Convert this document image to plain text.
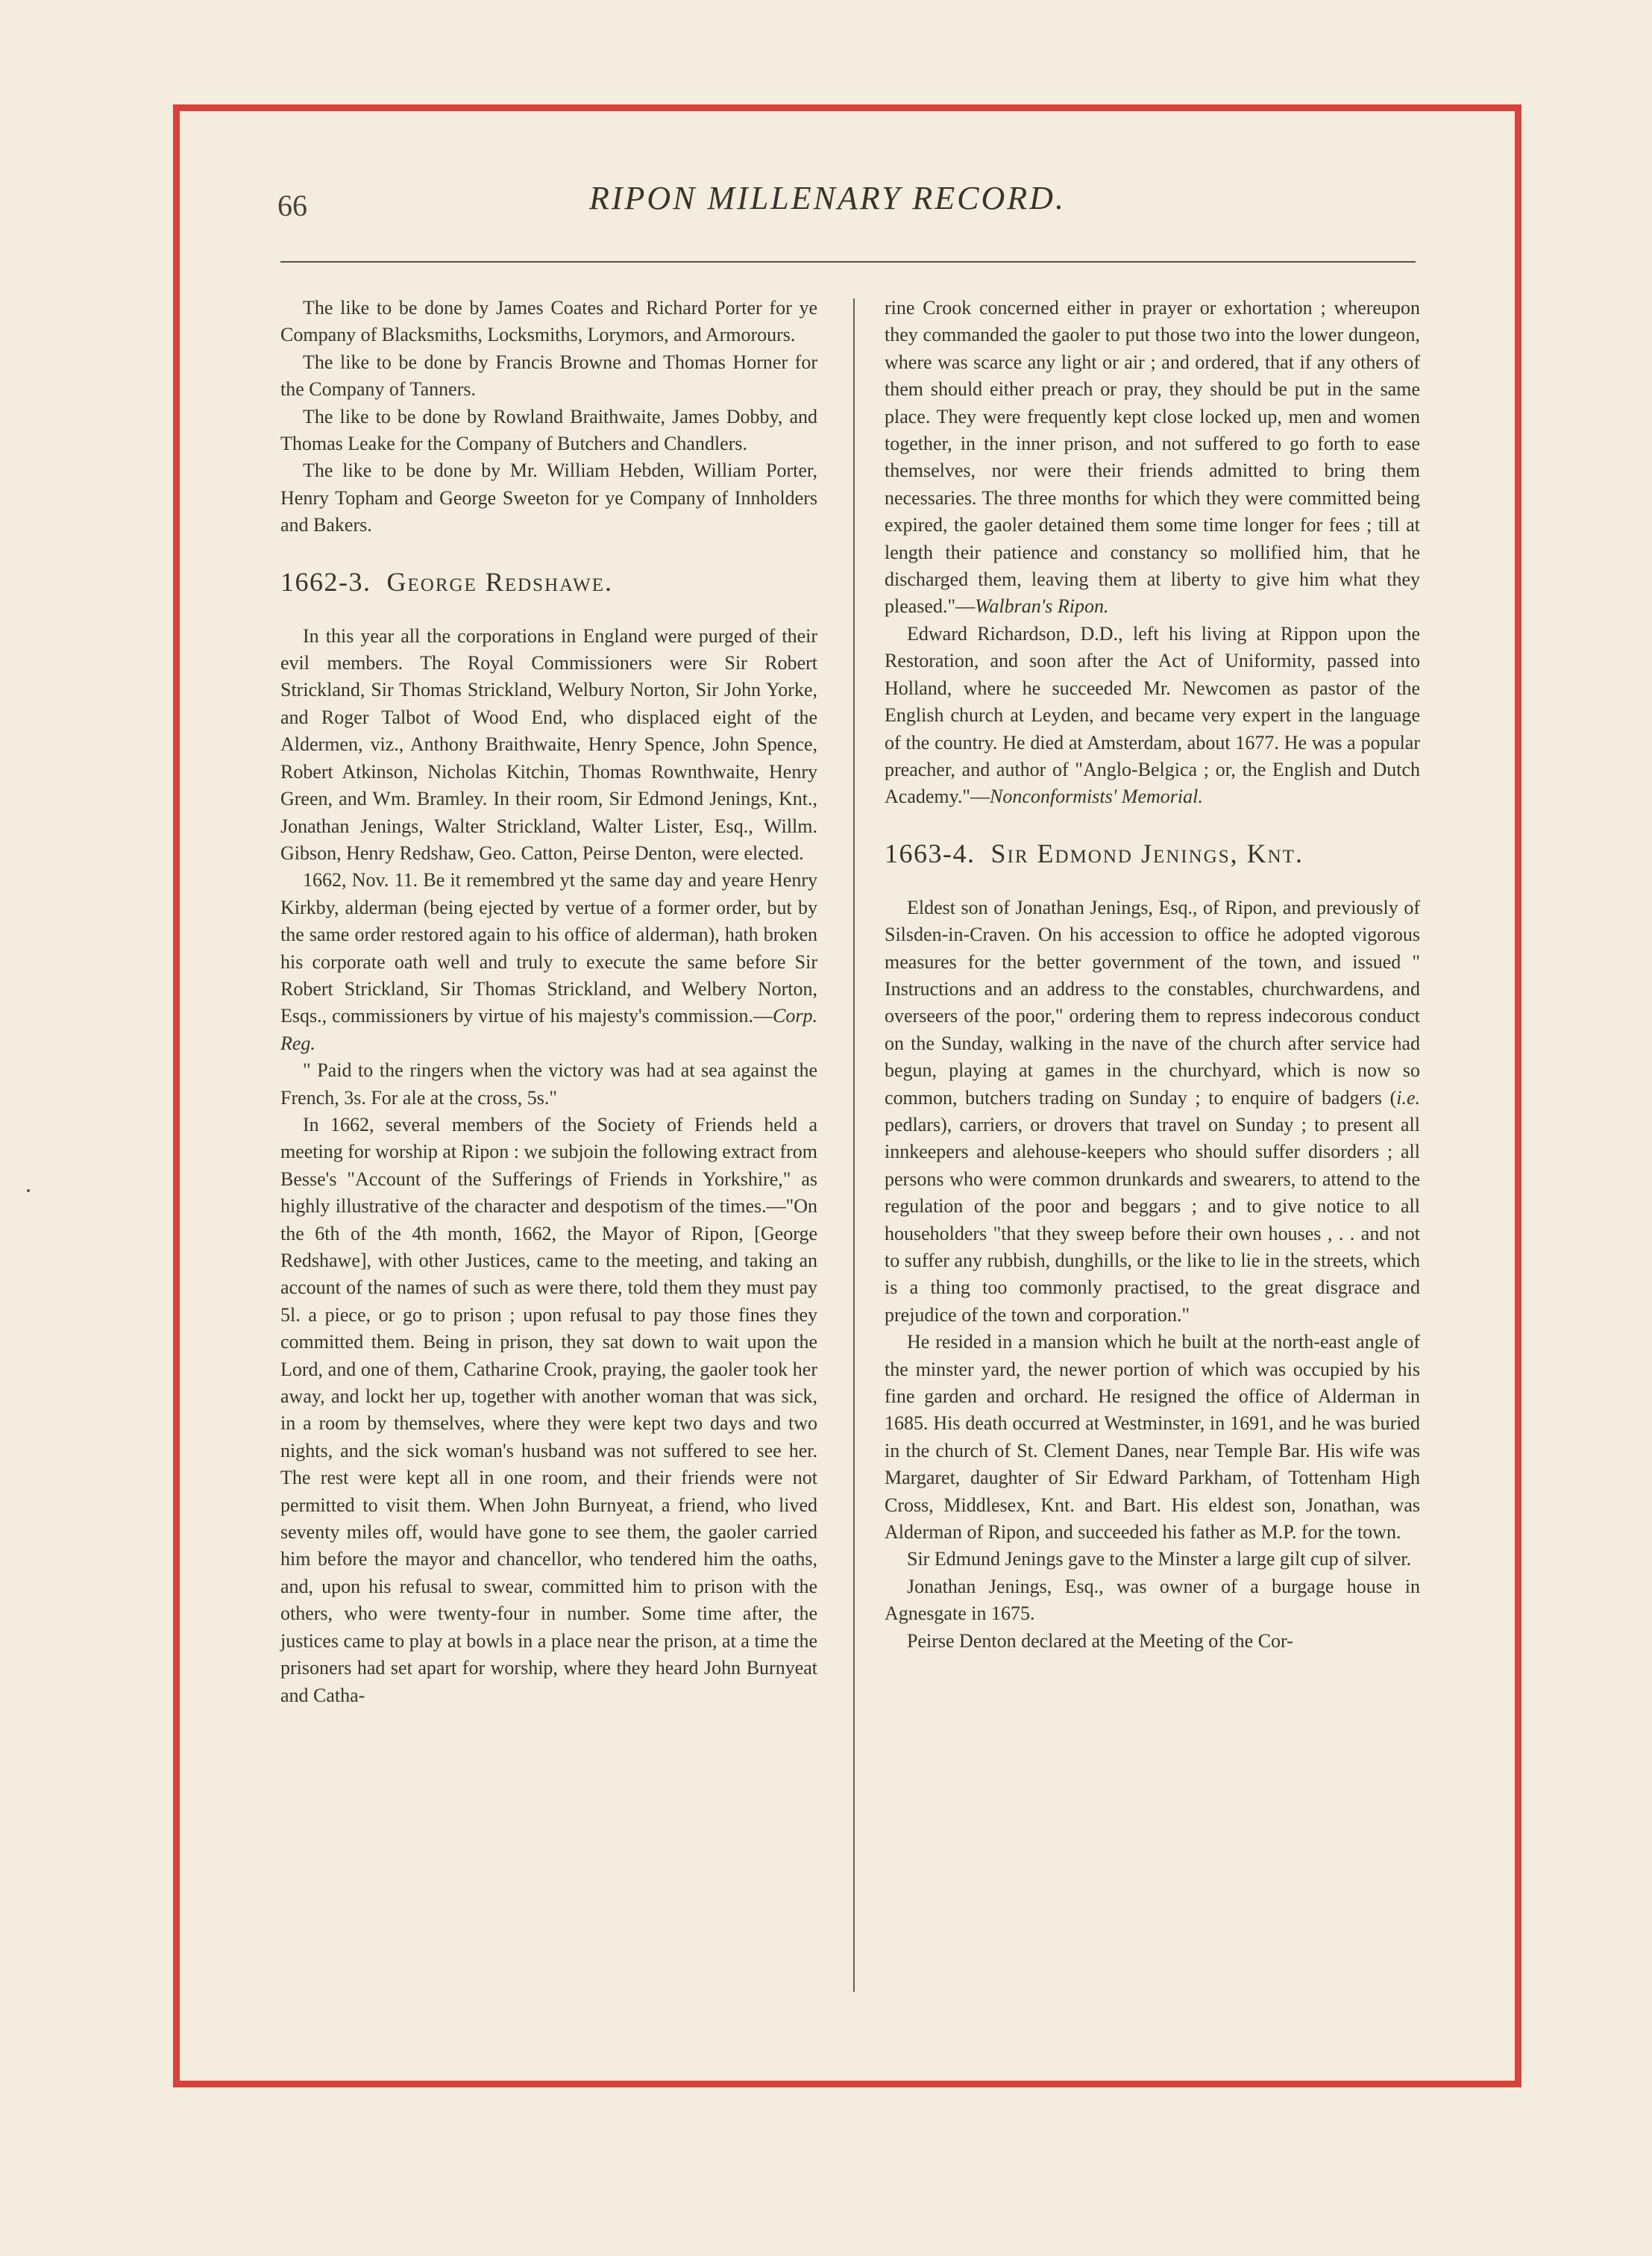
66	RIPON MILLENARY RECORD.

The like to be done by James Coates and Richard Porter for ye Company of Blacksmiths, Locksmiths, Lorymors, and Armorours.

The like to be done by Francis Browne and Thomas Horner for the Company of Tanners.

The like to be done by Rowland Braithwaite, James Dobby, and Thomas Leake for the Company of Butchers and Chandlers.

The like to be done by Mr. William Hebden, William Porter, Henry Topham and George Sweeton for ye Company of Innholders and Bakers.

1662-3. George Redshawe.

In this year all the corporations in England were purged of their evil members. The Royal Commissioners were Sir Robert Strickland, Sir Thomas Strickland, Welbury Norton, Sir John Yorke, and Roger Talbot of Wood End, who displaced eight of the Aldermen, viz., Anthony Braithwaite, Henry Spence, John Spence, Robert Atkinson, Nicholas Kitchin, Thomas Rownthwaite, Henry Green, and Wm. Bramley. In their room, Sir Edmond Jenings, Knt., Jonathan Jenings, Walter Strickland, Walter Lister, Esq., Willm. Gibson, Henry Redshaw, Geo. Catton, Peirse Denton, were elected.

1662, Nov. 11. Be it remembred yt the same day and yeare Henry Kirkby, alderman (being ejected by vertue of a former order, but by the same order restored again to his office of alderman), hath broken his corporate oath well and truly to execute the same before Sir Robert Strickland, Sir Thomas Strickland, and Welbery Norton, Esqs., commissioners by virtue of his majesty's commission.—Corp. Reg.

" Paid to the ringers when the victory was had at sea against the French, 3s. For ale at the cross, 5s."

In 1662, several members of the Society of Friends held a meeting for worship at Ripon : we subjoin the following extract from Besse's "Account of the Sufferings of Friends in Yorkshire," as highly illustrative of the character and despotism of the times.—"On the 6th of the 4th month, 1662, the Mayor of Ripon, [George Redshawe], with other Justices, came to the meeting, and taking an account of the names of such as were there, told them they must pay 5l. a piece, or go to prison ; upon refusal to pay those fines they committed them. Being in prison, they sat down to wait upon the Lord, and one of them, Catharine Crook, praying, the gaoler took her away, and lockt her up, together with another woman that was sick, in a room by themselves, where they were kept two days and two nights, and the sick woman's husband was not suffered to see her. The rest were kept all in one room, and their friends were not permitted to visit them. When John Burnyeat, a friend, who lived seventy miles off, would have gone to see them, the gaoler carried him before the mayor and chancellor, who tendered him the oaths, and, upon his refusal to swear, committed him to prison with the others, who were twenty-four in number. Some time after, the justices came to play at bowls in a place near the prison, at a time the prisoners had set apart for worship, where they heard John Burnyeat and Catha-

rine Crook concerned either in prayer or exhortation ; whereupon they commanded the gaoler to put those two into the lower dungeon, where was scarce any light or air ; and ordered, that if any others of them should either preach or pray, they should be put in the same place. They were frequently kept close locked up, men and women together, in the inner prison, and not suffered to go forth to ease themselves, nor were their friends admitted to bring them necessaries. The three months for which they were committed being expired, the gaoler detained them some time longer for fees ; till at length their patience and constancy so mollified him, that he discharged them, leaving them at liberty to give him what they pleased."—Walbran's Ripon.

Edward Richardson, D.D., left his living at Rippon upon the Restoration, and soon after the Act of Uniformity, passed into Holland, where he succeeded Mr. Newcomen as pastor of the English church at Leyden, and became very expert in the language of the country. He died at Amsterdam, about 1677. He was a popular preacher, and author of "Anglo-Belgica ; or, the English and Dutch Academy."—Nonconformists' Memorial.

1663-4. Sir Edmond Jenings, Knt.

Eldest son of Jonathan Jenings, Esq., of Ripon, and previously of Silsden-in-Craven. On his accession to office he adopted vigorous measures for the better government of the town, and issued " Instructions and an address to the constables, churchwardens, and overseers of the poor," ordering them to repress indecorous conduct on the Sunday, walking in the nave of the church after service had begun, playing at games in the churchyard, which is now so common, butchers trading on Sunday ; to enquire of badgers (i.e. pedlars), carriers, or drovers that travel on Sunday ; to present all innkeepers and alehouse-keepers who should suffer disorders ; all persons who were common drunkards and swearers, to attend to the regulation of the poor and beggars ; and to give notice to all householders "that they sweep before their own houses , . . and not to suffer any rubbish, dunghills, or the like to lie in the streets, which is a thing too commonly practised, to the great disgrace and prejudice of the town and corporation."

He resided in a mansion which he built at the north-east angle of the minster yard, the newer portion of which was occupied by his fine garden and orchard. He resigned the office of Alderman in 1685. His death occurred at Westminster, in 1691, and he was buried in the church of St. Clement Danes, near Temple Bar. His wife was Margaret, daughter of Sir Edward Parkham, of Tottenham High Cross, Middlesex, Knt. and Bart. His eldest son, Jonathan, was Alderman of Ripon, and succeeded his father as M.P. for the town.

Sir Edmund Jenings gave to the Minster a large gilt cup of silver.

Jonathan Jenings, Esq., was owner of a burgage house in Agnesgate in 1675.

Peirse Denton declared at the Meeting of the Cor-
